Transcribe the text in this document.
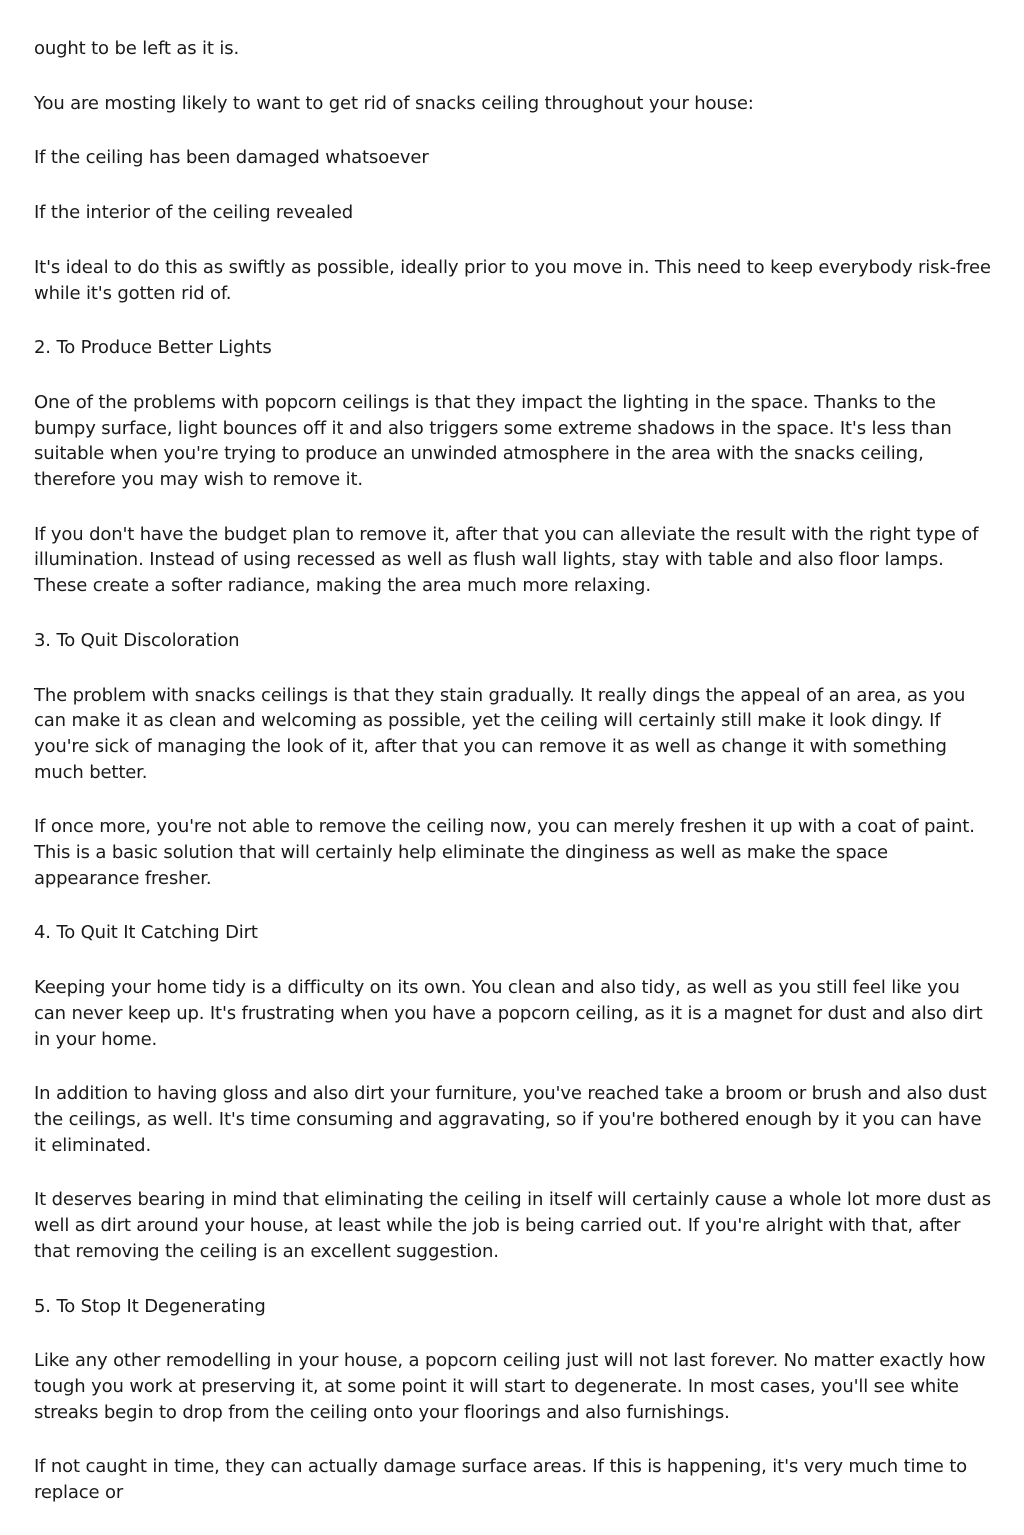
ought to be left as it is.

You are mosting likely to want to get rid of snacks ceiling throughout your house:

If the ceiling has been damaged whatsoever

If the interior of the ceiling revealed

It's ideal to do this as swiftly as possible, ideally prior to you move in. This need to keep everybody risk-free while it's gotten rid of.

2. To Produce Better Lights

One of the problems with popcorn ceilings is that they impact the lighting in the space. Thanks to the bumpy surface, light bounces off it and also triggers some extreme shadows in the space. It's less than suitable when you're trying to produce an unwinded atmosphere in the area with the snacks ceiling, therefore you may wish to remove it.

If you don't have the budget plan to remove it, after that you can alleviate the result with the right type of illumination. Instead of using recessed as well as flush wall lights, stay with table and also floor lamps. These create a softer radiance, making the area much more relaxing.

3. To Quit Discoloration

The problem with snacks ceilings is that they stain gradually. It really dings the appeal of an area, as you can make it as clean and welcoming as possible, yet the ceiling will certainly still make it look dingy. If you're sick of managing the look of it, after that you can remove it as well as change it with something much better.

If once more, you're not able to remove the ceiling now, you can merely freshen it up with a coat of paint. This is a basic solution that will certainly help eliminate the dinginess as well as make the space appearance fresher.

4. To Quit It Catching Dirt

Keeping your home tidy is a difficulty on its own. You clean and also tidy, as well as you still feel like you can never keep up. It's frustrating when you have a popcorn ceiling, as it is a magnet for dust and also dirt in your home.

In addition to having gloss and also dirt your furniture, you've reached take a broom or brush and also dust the ceilings, as well. It's time consuming and aggravating, so if you're bothered enough by it you can have it eliminated.

It deserves bearing in mind that eliminating the ceiling in itself will certainly cause a whole lot more dust as well as dirt around your house, at least while the job is being carried out. If you're alright with that, after that removing the ceiling is an excellent suggestion.

5. To Stop It Degenerating

Like any other remodelling in your house, a popcorn ceiling just will not last forever. No matter exactly how tough you work at preserving it, at some point it will start to degenerate. In most cases, you'll see white streaks begin to drop from the ceiling onto your floorings and also furnishings.

If not caught in time, they can actually damage surface areas. If this is happening, it's very much time to replace or
